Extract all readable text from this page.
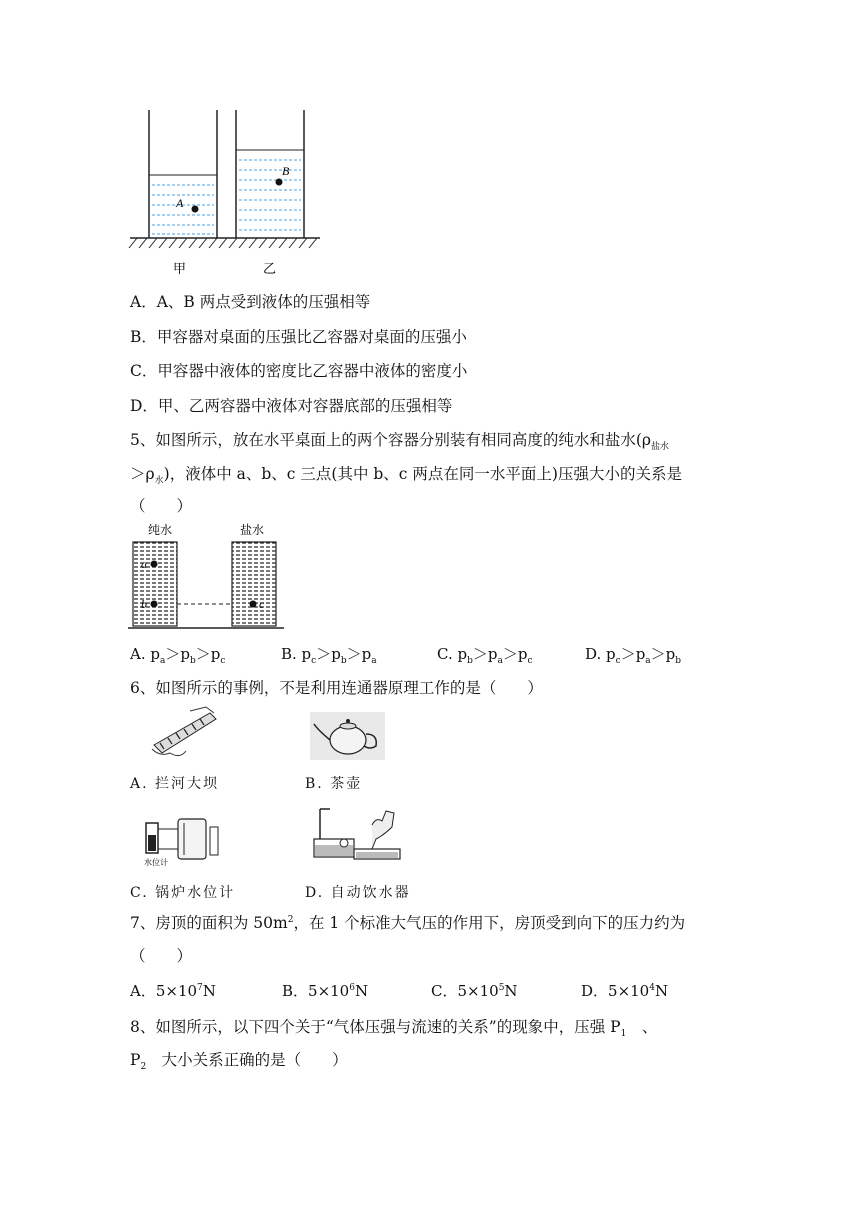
A
B
甲	乙
A．A、B 两点受到液体的压强相等
B．甲容器对桌面的压强比乙容器对桌面的压强小
C．甲容器中液体的密度比乙容器中液体的密度小
D．甲、乙两容器中液体对容器底部的压强相等
5、如图所示，放在水平桌面上的两个容器分别装有相同高度的纯水和盐水($\rho_{盐水}$
$>\rho_水$)，液体中 a、b、c 三点(其中 b、c 两点在同一水平面上)压强大小的关系是
（　　）
纯水	盐水
a
b	c
A. $p_a>p_b>p_c$	B. $p_c>p_b>p_a$	C. $p_b>p_a>p_c$	D. $p_c>p_a>p_b$
6、如图所示的事例，不是利用连通器原理工作的是（　　）
A. 拦河大坝	B. 茶壶
水位计
C. 锅炉水位计	D. 自动饮水器
7、房顶的面积为 $50m^2$，在 1 个标准大气压的作用下，房顶受到向下的压力约为
（　　）
A．$5\times 10^7N$	B．$5\times 10^6N$	C．$5\times 10^5N$	D．$5\times 10^4N$
8、如图所示，以下四个关于“气体压强与流速的关系”的现象中，压强 $P_1$　、
$P_2$　大小关系正确的是（　　）
